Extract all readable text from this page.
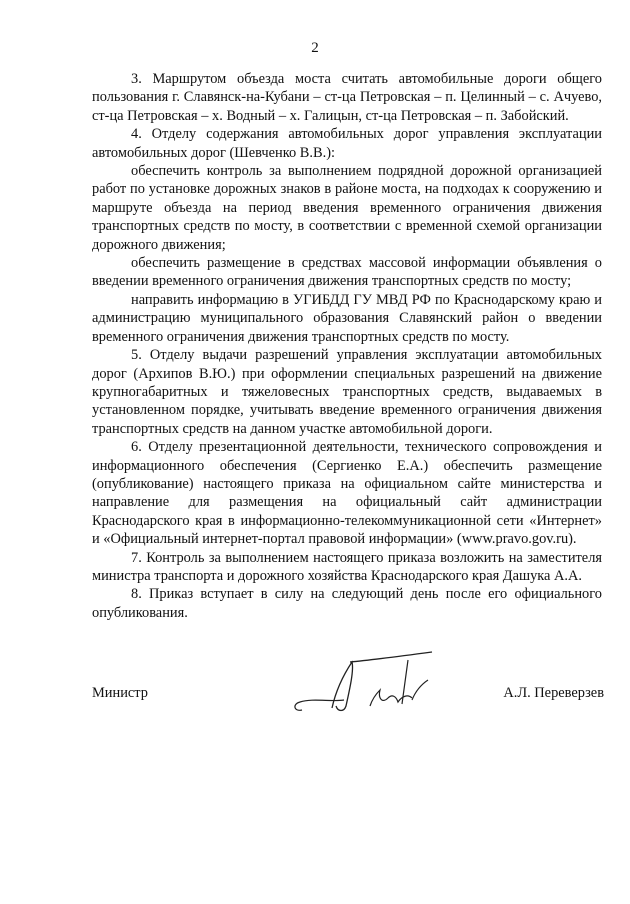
2

3. Маршрутом объезда моста считать автомобильные дороги общего пользования г. Славянск-на-Кубани – ст-ца Петровская – п. Целинный – с. Ачуево, ст-ца Петровская – х. Водный – х. Галицын, ст-ца Петровская – п. Забойский.

4. Отделу содержания автомобильных дорог управления эксплуатации автомобильных дорог (Шевченко В.В.):

обеспечить контроль за выполнением подрядной дорожной организацией работ по установке дорожных знаков в районе моста, на подходах к сооружению и маршруте объезда на период введения временного ограничения движения транспортных средств по мосту, в соответствии с временной схемой организации дорожного движения;

обеспечить размещение в средствах массовой информации объявления о введении временного ограничения движения транспортных средств по мосту;

направить информацию в УГИБДД ГУ МВД РФ по Краснодарскому краю и администрацию муниципального образования Славянский район о введении временного ограничения движения транспортных средств по мосту.

5. Отделу выдачи разрешений управления эксплуатации автомобильных дорог (Архипов В.Ю.) при оформлении специальных разрешений на движение крупногабаритных и тяжеловесных транспортных средств, выдаваемых в установленном порядке, учитывать введение временного ограничения движения транспортных средств на данном участке автомобильной дороги.

6. Отделу презентационной деятельности, технического сопровождения и информационного обеспечения (Сергиенко Е.А.) обеспечить размещение (опубликование) настоящего приказа на официальном сайте министерства и направление для размещения на официальный сайт администрации Краснодарского края в информационно-телекоммуникационной сети «Интернет» и «Официальный интернет-портал правовой информации» (www.pravo.gov.ru).

7. Контроль за выполнением настоящего приказа возложить на заместителя министра транспорта и дорожного хозяйства Краснодарского края Дашука А.А.

8. Приказ вступает в силу на следующий день после его официального опубликования.

Министр	А.Л. Переверзев
